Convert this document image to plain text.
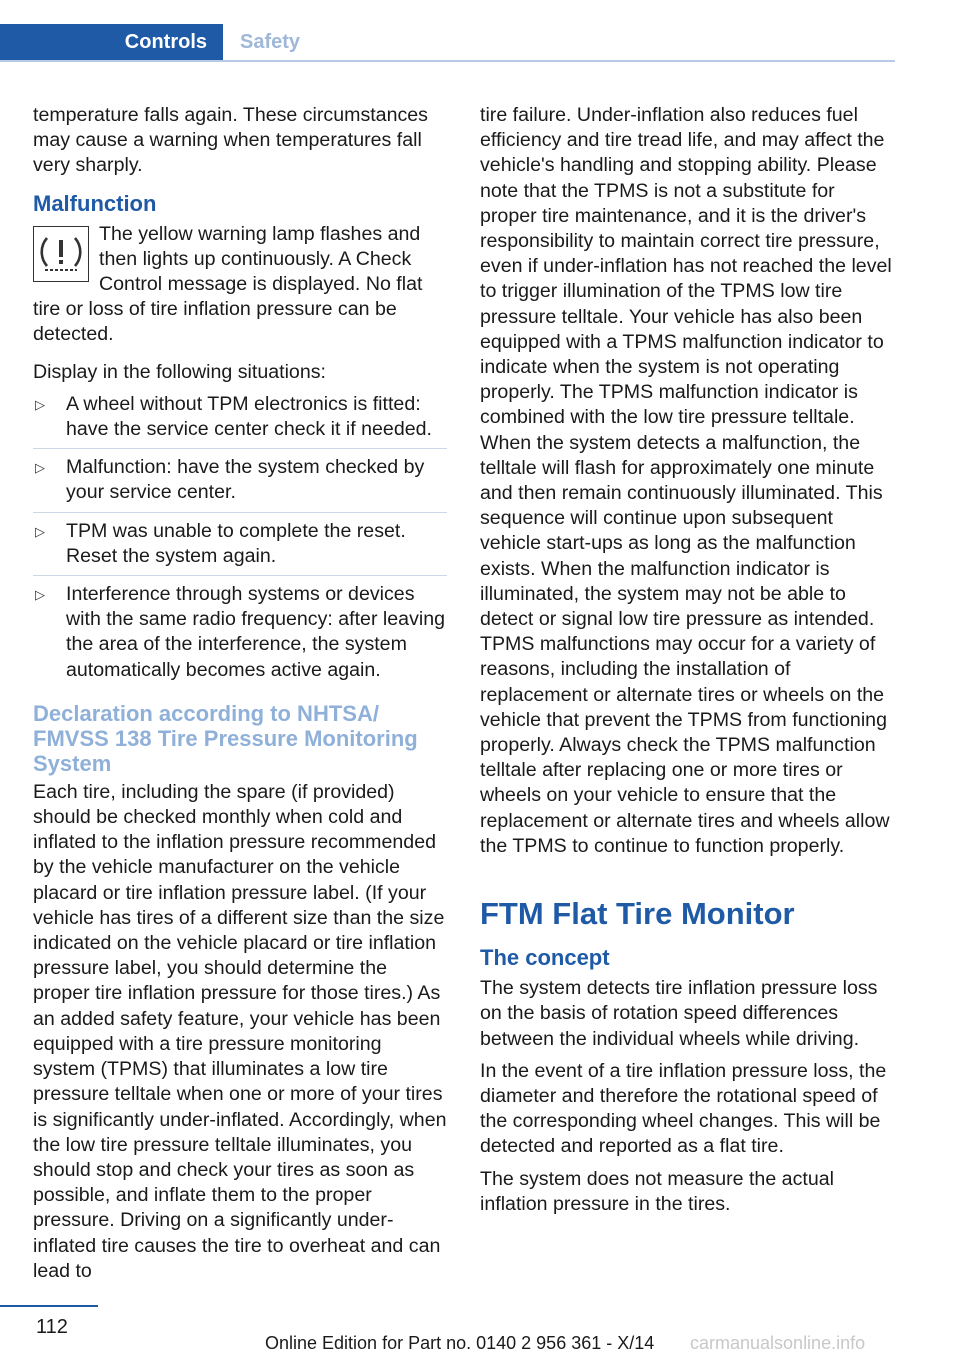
Controls	Safety

temperature falls again. These circumstances may cause a warning when temperatures fall very sharply.

Malfunction

The yellow warning lamp flashes and then lights up continuously. A Check Control message is displayed. No flat tire or loss of tire inflation pressure can be detected.

Display in the following situations:

▷ A wheel without TPM electronics is fitted: have the service center check it if needed.
▷ Malfunction: have the system checked by your service center.
▷ TPM was unable to complete the reset. Reset the system again.
▷ Interference through systems or devices with the same radio frequency: after leaving the area of the interference, the system automatically becomes active again.
Declaration according to NHTSA/ FMVSS 138 Tire Pressure Monitoring System

Each tire, including the spare (if provided) should be checked monthly when cold and inflated to the inflation pressure recommended by the vehicle manufacturer on the vehicle placard or tire inflation pressure label. (If your vehicle has tires of a different size than the size indicated on the vehicle placard or tire inflation pressure label, you should determine the proper tire inflation pressure for those tires.) As an added safety feature, your vehicle has been equipped with a tire pressure monitoring system (TPMS) that illuminates a low tire pressure telltale when one or more of your tires is significantly under-inflated. Accordingly, when the low tire pressure telltale illuminates, you should stop and check your tires as soon as possible, and inflate them to the proper pressure. Driving on a significantly under-inflated tire causes the tire to overheat and can lead to

tire failure. Under-inflation also reduces fuel efficiency and tire tread life, and may affect the vehicle's handling and stopping ability. Please note that the TPMS is not a substitute for proper tire maintenance, and it is the driver's responsibility to maintain correct tire pressure, even if under-inflation has not reached the level to trigger illumination of the TPMS low tire pressure telltale. Your vehicle has also been equipped with a TPMS malfunction indicator to indicate when the system is not operating properly. The TPMS malfunction indicator is combined with the low tire pressure telltale. When the system detects a malfunction, the telltale will flash for approximately one minute and then remain continuously illuminated. This sequence will continue upon subsequent vehicle start-ups as long as the malfunction exists. When the malfunction indicator is illuminated, the system may not be able to detect or signal low tire pressure as intended. TPMS malfunctions may occur for a variety of reasons, including the installation of replacement or alternate tires or wheels on the vehicle that prevent the TPMS from functioning properly. Always check the TPMS malfunction telltale after replacing one or more tires or wheels on your vehicle to ensure that the replacement or alternate tires and wheels allow the TPMS to continue to function properly.

FTM Flat Tire Monitor
The concept

The system detects tire inflation pressure loss on the basis of rotation speed differences between the individual wheels while driving.

In the event of a tire inflation pressure loss, the diameter and therefore the rotational speed of the corresponding wheel changes. This will be detected and reported as a flat tire.

The system does not measure the actual inflation pressure in the tires.

112
Online Edition for Part no. 0140 2 956 361 - X/14 carmanualsonline.info
